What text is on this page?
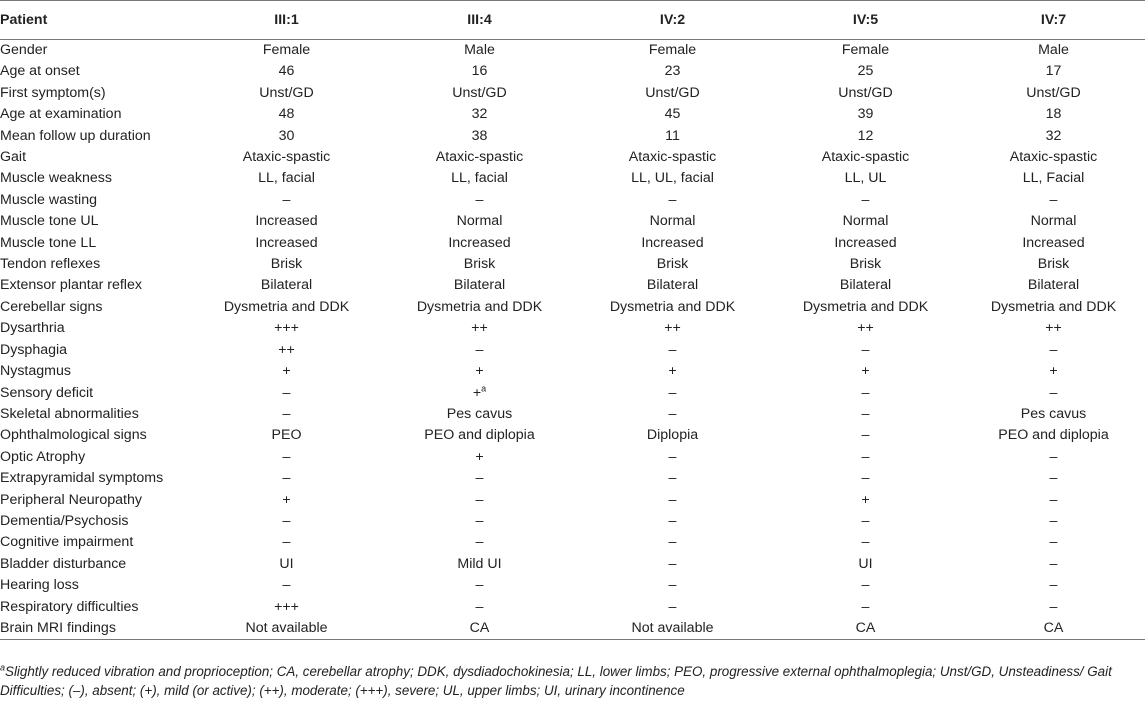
Patient	III:1	III:4	IV:2	IV:5	IV:7
Gender	Female	Male	Female	Female	Male
Age at onset	46	16	23	25	17
First symptom(s)	Unst/GD	Unst/GD	Unst/GD	Unst/GD	Unst/GD
Age at examination	48	32	45	39	18
Mean follow up duration	30	38	11	12	32
Gait	Ataxic-spastic	Ataxic-spastic	Ataxic-spastic	Ataxic-spastic	Ataxic-spastic
Muscle weakness	LL, facial	LL, facial	LL, UL, facial	LL, UL	LL, Facial
Muscle wasting	–	–	–	–	–
Muscle tone UL	Increased	Normal	Normal	Normal	Normal
Muscle tone LL	Increased	Increased	Increased	Increased	Increased
Tendon reflexes	Brisk	Brisk	Brisk	Brisk	Brisk
Extensor plantar reflex	Bilateral	Bilateral	Bilateral	Bilateral	Bilateral
Cerebellar signs	Dysmetria and DDK	Dysmetria and DDK	Dysmetria and DDK	Dysmetria and DDK	Dysmetria and DDK
Dysarthria	+++	++	++	++	++
Dysphagia	++	–	–	–	–
Nystagmus	+	+	+	+	+
Sensory deficit	–	+$^a$	–	–	–
Skeletal abnormalities	–	Pes cavus	–	–	Pes cavus
Ophthalmological signs	PEO	PEO and diplopia	Diplopia	–	PEO and diplopia
Optic Atrophy	–	+	–	–	–
Extrapyramidal symptoms	–	–	–	–	–
Peripheral Neuropathy	+	–	–	+	–
Dementia/Psychosis	–	–	–	–	–
Cognitive impairment	–	–	–	–	–
Bladder disturbance	UI	Mild UI	–	UI	–
Hearing loss	–	–	–	–	–
Respiratory difficulties	+++	–	–	–	–
Brain MRI findings	Not available	CA	Not available	CA	CA
$^a$Slightly reduced vibration and proprioception; CA, cerebellar atrophy; DDK, dysdiadochokinesia; LL, lower limbs; PEO, progressive external ophthalmoplegia; Unst/GD, Unsteadiness/ Gait Difficulties; (–), absent; (+), mild (or active); (++), moderate; (+++), severe; UL, upper limbs; UI, urinary incontinence
